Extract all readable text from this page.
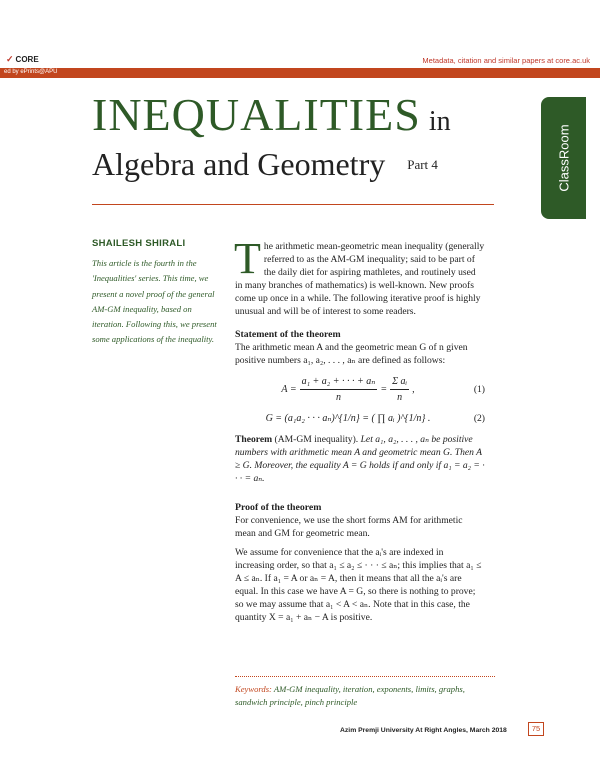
✓ CORE	Metadata, citation and similar papers at core.ac.uk
ed by ePrints@APU
INEQUALITIES in
Algebra and Geometry Part 4	ClassRoom
SHAILESH SHIRALI
This article is the fourth in the 'Inequalities' series. This time, we present a novel proof of the general AM-GM inequality, based on iteration. Following this, we present some applications of the inequality.

The arithmetic mean-geometric mean inequality (generally referred to as the AM-GM inequality; said to be part of the daily diet for aspiring mathletes, and routinely used in many branches of mathematics) is well-known. New proofs come up once in a while. The following iterative proof is highly unusual and will be of interest to some readers.

Statement of the theorem

The arithmetic mean A and the geometric mean G of n given positive numbers a₁, a₂, . . . , aₙ are defined as follows:

$A = \frac{\text{a₁ + a₂ + · · · + aₙ}}{n} = \frac{\text{Σ aᵢ}}{n}$ ,	(1)
G = (a₁a₂ · · · aₙ)^{1/n} = ( ∏ aᵢ )^{1/n} .	(2)

Theorem (AM-GM inequality). Let a₁, a₂, . . . , aₙ be positive numbers with arithmetic mean A and geometric mean G. Then A ≥ G. Moreover, the equality A = G holds if and only if a₁ = a₂ = · · · = aₙ.

Proof of the theorem

For convenience, we use the short forms AM for arithmetic mean and GM for geometric mean.

We assume for convenience that the aᵢ's are indexed in increasing order, so that a₁ ≤ a₂ ≤ · · · ≤ aₙ; this implies that a₁ ≤ A ≤ aₙ. If a₁ = A or aₙ = A, then it means that all the aᵢ's are equal. In this case we have A = G, so there is nothing to prove; so we may assume that a₁ < A < aₙ. Note that in this case, the quantity X = a₁ + aₙ − A is positive.

Keywords: AM-GM inequality, iteration, exponents, limits, graphs, sandwich principle, pinch principle
Azim Premji University At Right Angles, March 2018	75
